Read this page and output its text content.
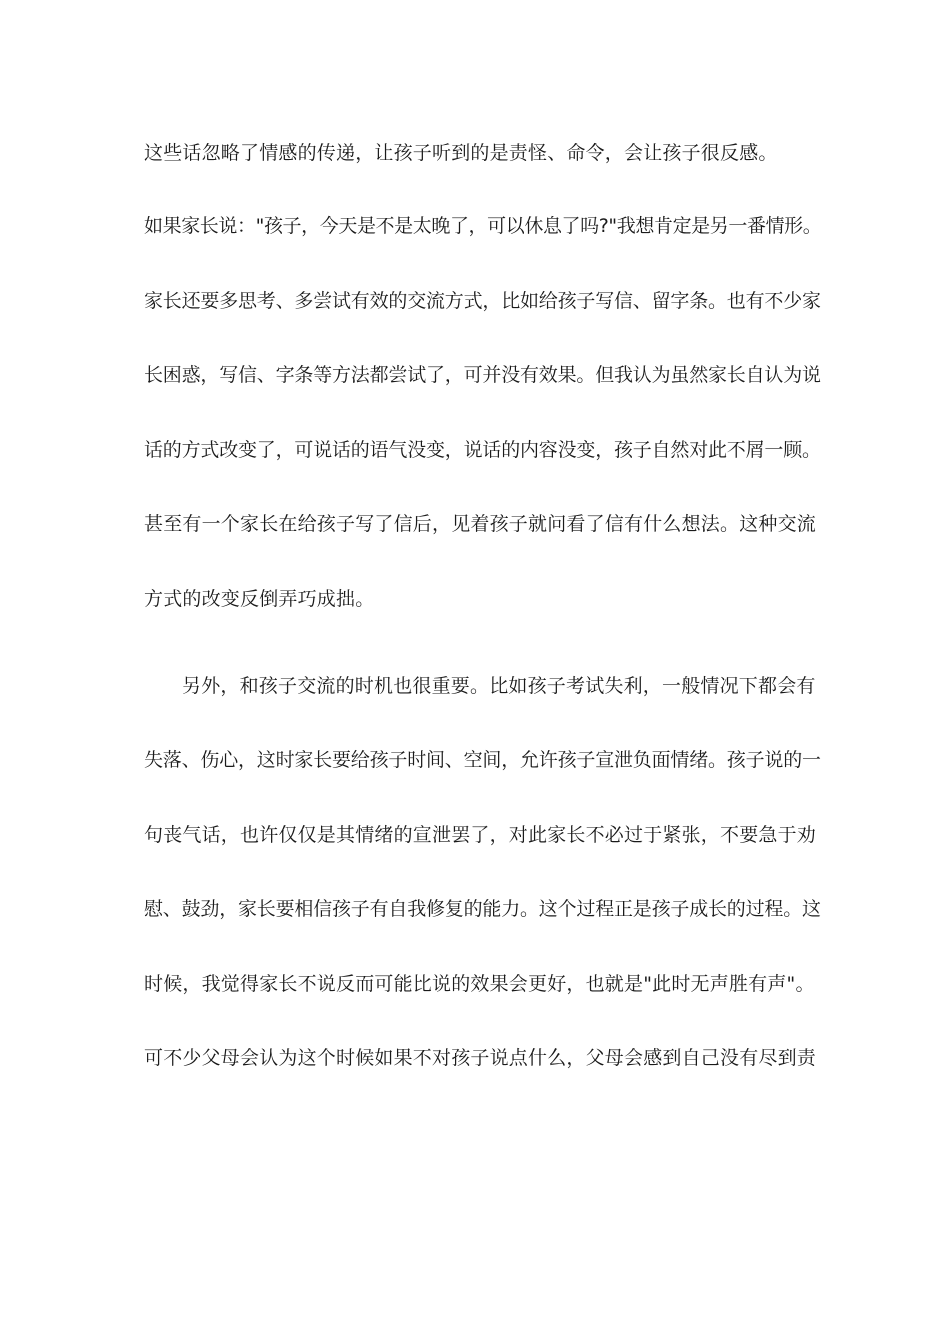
这些话忽略了情感的传递，让孩子听到的是责怪、命令，会让孩子很反感。
如果家长说："孩子，今天是不是太晚了，可以休息了吗?"我想肯定是另一番情形。
家长还要多思考、多尝试有效的交流方式，比如给孩子写信、留字条。也有不少家
长困惑，写信、字条等方法都尝试了，可并没有效果。但我认为虽然家长自认为说
话的方式改变了，可说话的语气没变，说话的内容没变，孩子自然对此不屑一顾。
甚至有一个家长在给孩子写了信后，见着孩子就问看了信有什么想法。这种交流
方式的改变反倒弄巧成拙。
另外，和孩子交流的时机也很重要。比如孩子考试失利，一般情况下都会有
失落、伤心，这时家长要给孩子时间、空间，允许孩子宣泄负面情绪。孩子说的一
句丧气话，也许仅仅是其情绪的宣泄罢了，对此家长不必过于紧张，不要急于劝
慰、鼓劲，家长要相信孩子有自我修复的能力。这个过程正是孩子成长的过程。这
时候，我觉得家长不说反而可能比说的效果会更好，也就是"此时无声胜有声"。
可不少父母会认为这个时候如果不对孩子说点什么，父母会感到自己没有尽到责
